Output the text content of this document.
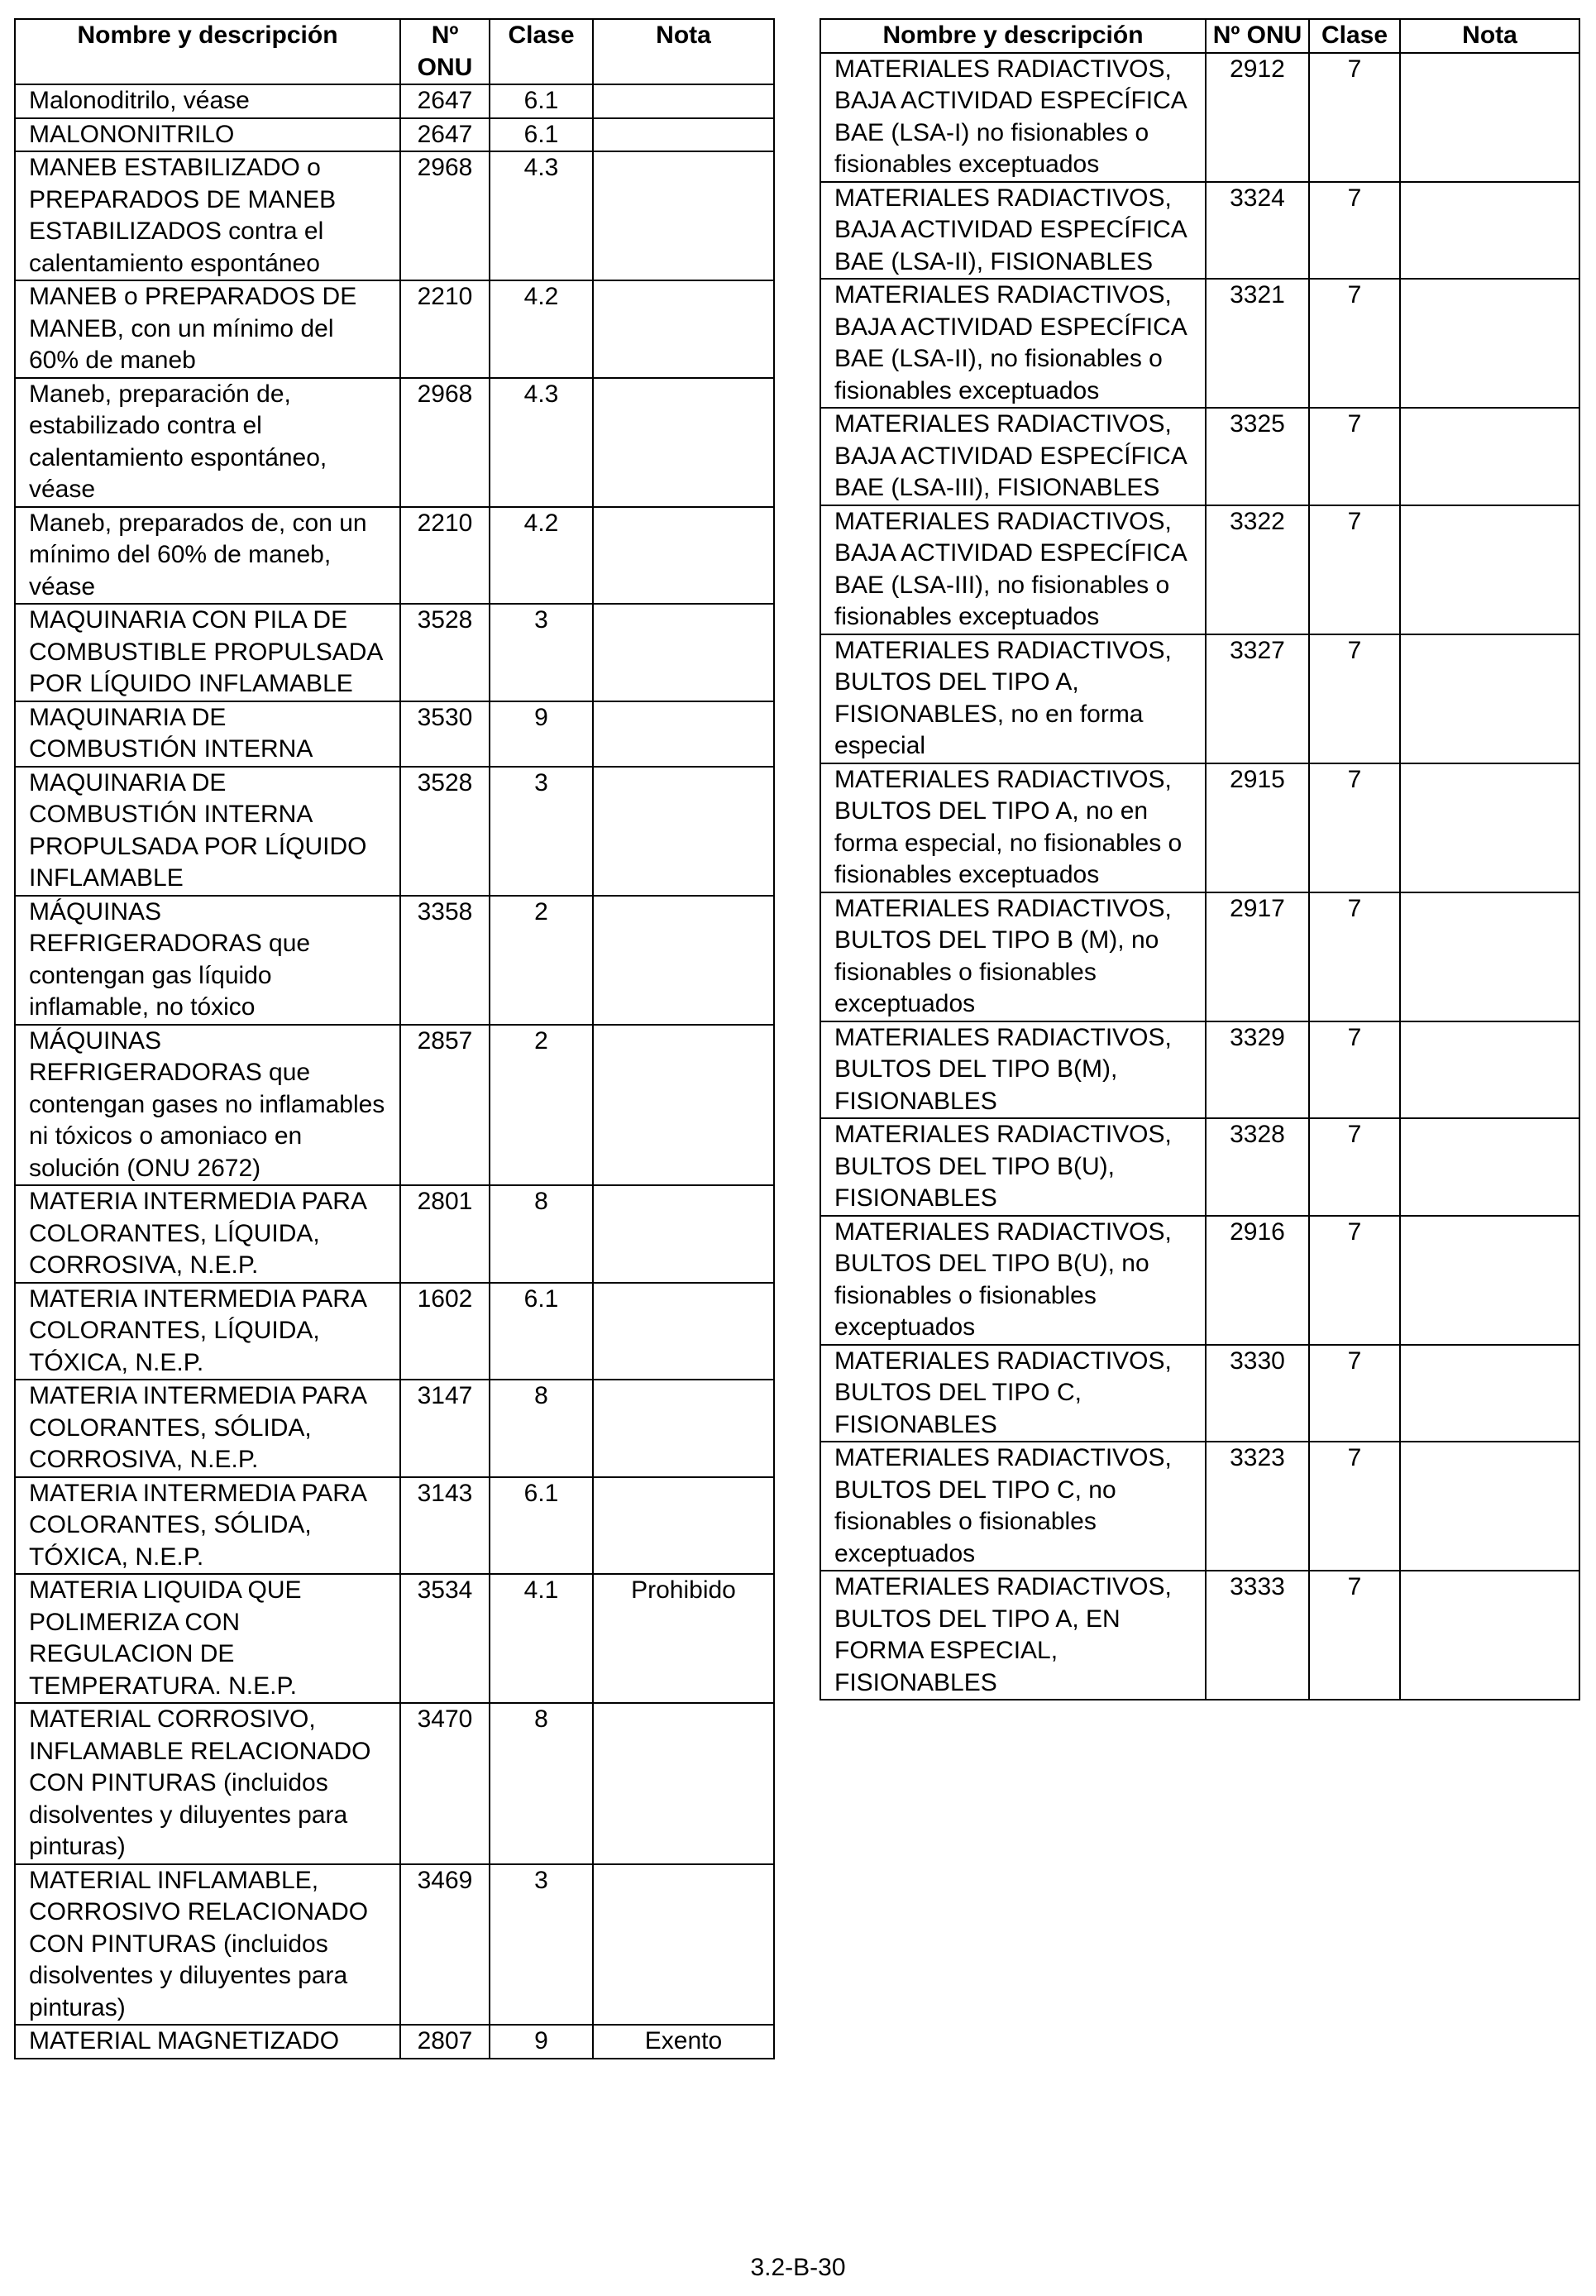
Nombre y descripción	Nº ONU	Clase	Nota
Malonoditrilo, véase	2647	6.1	
MALONONITRILO	2647	6.1	
MANEB ESTABILIZADO o PREPARADOS DE MANEB ESTABILIZADOS contra el calentamiento espontáneo	2968	4.3	
MANEB o PREPARADOS DE MANEB, con un mínimo del 60% de maneb	2210	4.2	
Maneb, preparación de, estabilizado contra el calentamiento espontáneo, véase	2968	4.3	
Maneb, preparados de, con un mínimo del 60% de maneb, véase	2210	4.2	
MAQUINARIA CON PILA DE COMBUSTIBLE PROPULSADA POR LÍQUIDO INFLAMABLE	3528	3	
MAQUINARIA DE COMBUSTIÓN INTERNA	3530	9	
MAQUINARIA DE COMBUSTIÓN INTERNA PROPULSADA POR LÍQUIDO INFLAMABLE	3528	3	
MÁQUINAS REFRIGERADORAS que contengan gas líquido inflamable, no tóxico	3358	2	
MÁQUINAS REFRIGERADORAS que contengan gases no inflamables ni tóxicos o amoniaco en solución (ONU 2672)	2857	2	
MATERIA INTERMEDIA PARA COLORANTES, LÍQUIDA, CORROSIVA, N.E.P.	2801	8	
MATERIA INTERMEDIA PARA COLORANTES, LÍQUIDA, TÓXICA, N.E.P.	1602	6.1	
MATERIA INTERMEDIA PARA COLORANTES, SÓLIDA, CORROSIVA, N.E.P.	3147	8	
MATERIA INTERMEDIA PARA COLORANTES, SÓLIDA, TÓXICA, N.E.P.	3143	6.1	
MATERIA LIQUIDA QUE POLIMERIZA CON REGULACION DE TEMPERATURA. N.E.P.	3534	4.1	Prohibido
MATERIAL CORROSIVO, INFLAMABLE RELACIONADO CON PINTURAS (incluidos disolventes y diluyentes para pinturas)	3470	8	
MATERIAL INFLAMABLE, CORROSIVO RELACIONADO CON PINTURAS (incluidos disolventes y diluyentes para pinturas)	3469	3	
MATERIAL MAGNETIZADO	2807	9	Exento
Nombre y descripción	Nº ONU	Clase	Nota
MATERIALES RADIACTIVOS, BAJA ACTIVIDAD ESPECÍFICA BAE (LSA-I) no fisionables o fisionables exceptuados	2912	7	
MATERIALES RADIACTIVOS, BAJA ACTIVIDAD ESPECÍFICA BAE (LSA-II), FISIONABLES	3324	7	
MATERIALES RADIACTIVOS, BAJA ACTIVIDAD ESPECÍFICA BAE (LSA-II), no fisionables o fisionables exceptuados	3321	7	
MATERIALES RADIACTIVOS, BAJA ACTIVIDAD ESPECÍFICA BAE (LSA-III), FISIONABLES	3325	7	
MATERIALES RADIACTIVOS, BAJA ACTIVIDAD ESPECÍFICA BAE (LSA-III), no fisionables o fisionables exceptuados	3322	7	
MATERIALES RADIACTIVOS, BULTOS DEL TIPO A, FISIONABLES, no en forma especial	3327	7	
MATERIALES RADIACTIVOS, BULTOS DEL TIPO A, no en forma especial, no fisionables o fisionables exceptuados	2915	7	
MATERIALES RADIACTIVOS, BULTOS DEL TIPO B (M), no fisionables o fisionables exceptuados	2917	7	
MATERIALES RADIACTIVOS, BULTOS DEL TIPO B(M), FISIONABLES	3329	7	
MATERIALES RADIACTIVOS, BULTOS DEL TIPO B(U), FISIONABLES	3328	7	
MATERIALES RADIACTIVOS, BULTOS DEL TIPO B(U), no fisionables o fisionables exceptuados	2916	7	
MATERIALES RADIACTIVOS, BULTOS DEL TIPO C, FISIONABLES	3330	7	
MATERIALES RADIACTIVOS, BULTOS DEL TIPO C, no fisionables o fisionables exceptuados	3323	7	
MATERIALES RADIACTIVOS, BULTOS DEL TIPO A, EN FORMA ESPECIAL, FISIONABLES	3333	7	
3.2-B-30
